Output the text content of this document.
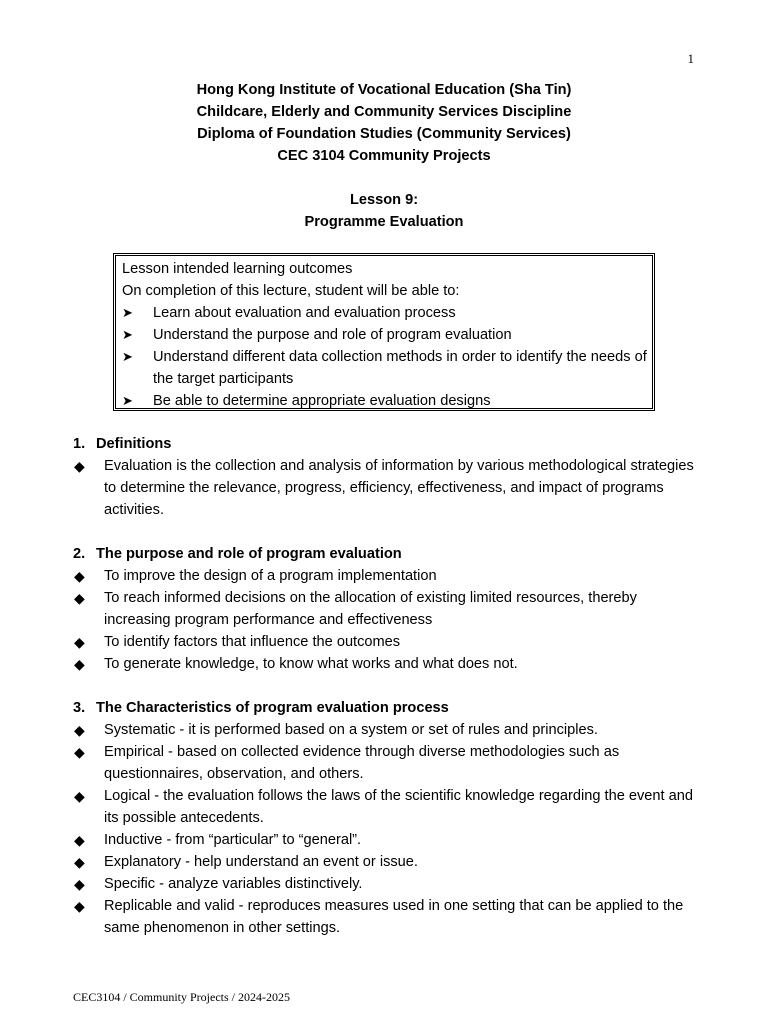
1
Hong Kong Institute of Vocational Education (Sha Tin)
Childcare, Elderly and Community Services Discipline
Diploma of Foundation Studies (Community Services)
CEC 3104 Community Projects
Lesson 9:
Programme Evaluation
Lesson intended learning outcomes
On completion of this lecture, student will be able to:
➤ Learn about evaluation and evaluation process
➤ Understand the purpose and role of program evaluation
➤ Understand different data collection methods in order to identify the needs of the target participants
➤ Be able to determine appropriate evaluation designs
1. Definitions
◆ Evaluation is the collection and analysis of information by various methodological strategies to determine the relevance, progress, efficiency, effectiveness, and impact of programs activities.
2. The purpose and role of program evaluation
◆ To improve the design of a program implementation
◆ To reach informed decisions on the allocation of existing limited resources, thereby increasing program performance and effectiveness
◆ To identify factors that influence the outcomes
◆ To generate knowledge, to know what works and what does not.
3. The Characteristics of program evaluation process
◆ Systematic - it is performed based on a system or set of rules and principles.
◆ Empirical - based on collected evidence through diverse methodologies such as questionnaires, observation, and others.
◆ Logical - the evaluation follows the laws of the scientific knowledge regarding the event and its possible antecedents.
◆ Inductive - from “particular” to “general”.
◆ Explanatory - help understand an event or issue.
◆ Specific - analyze variables distinctively.
◆ Replicable and valid - reproduces measures used in one setting that can be applied to the same phenomenon in other settings.
CEC3104 / Community Projects / 2024-2025
